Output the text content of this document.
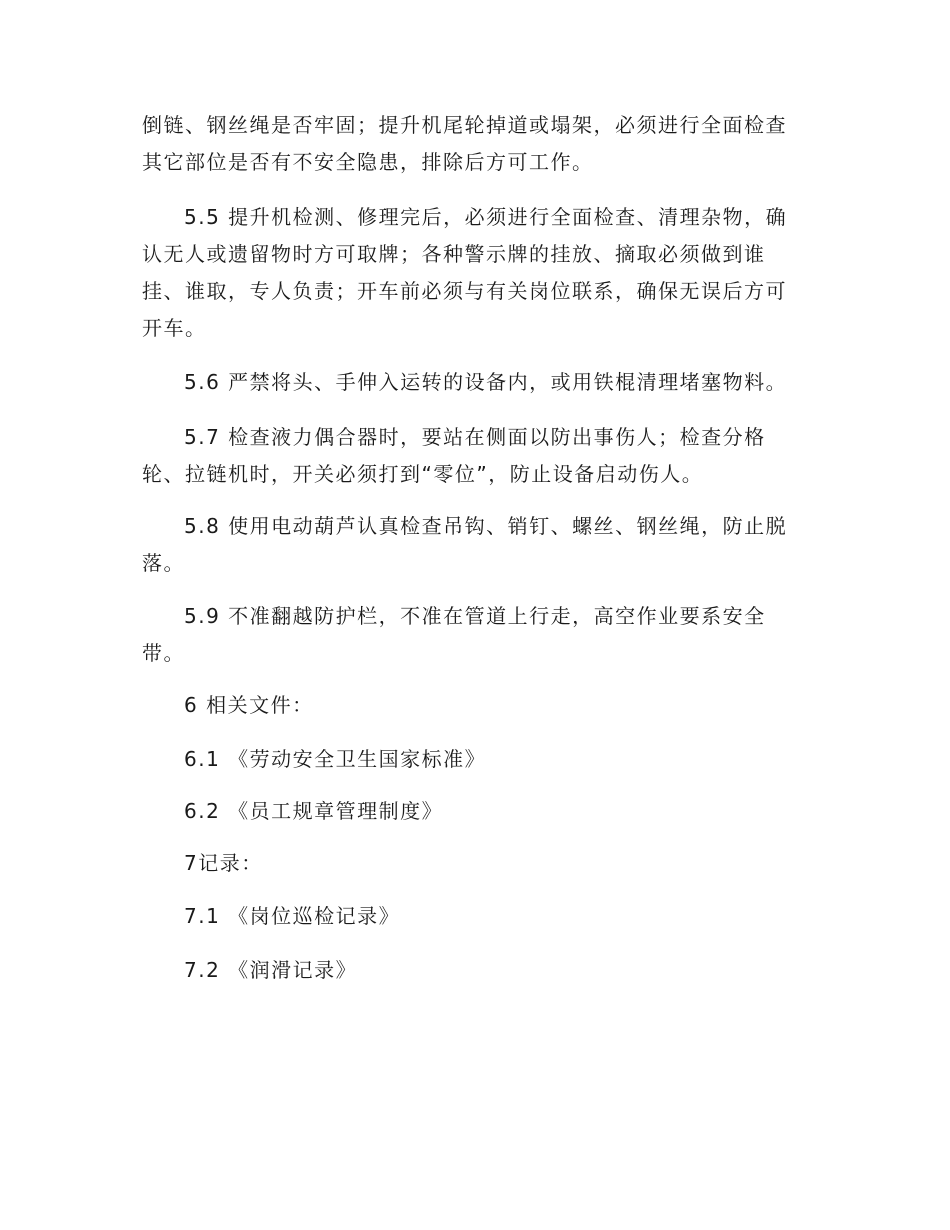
倒链、钢丝绳是否牢固；提升机尾轮掉道或塌架，必须进行全面检查
其它部位是否有不安全隐患，排除后方可工作。
5.5 提升机检测、修理完后，必须进行全面检查、清理杂物，确
认无人或遗留物时方可取牌；各种警示牌的挂放、摘取必须做到谁
挂、谁取，专人负责；开车前必须与有关岗位联系，确保无误后方可
开车。
5.6 严禁将头、手伸入运转的设备内，或用铁棍清理堵塞物料。
5.7 检查液力偶合器时，要站在侧面以防出事伤人；检查分格
轮、拉链机时，开关必须打到“零位”，防止设备启动伤人。
5.8 使用电动葫芦认真检查吊钩、销钉、螺丝、钢丝绳，防止脱
落。
5.9 不准翻越防护栏，不准在管道上行走，高空作业要系安全
带。
6 相关文件：
6.1 《劳动安全卫生国家标准》
6.2 《员工规章管理制度》
7记录：
7.1 《岗位巡检记录》
7.2 《润滑记录》
